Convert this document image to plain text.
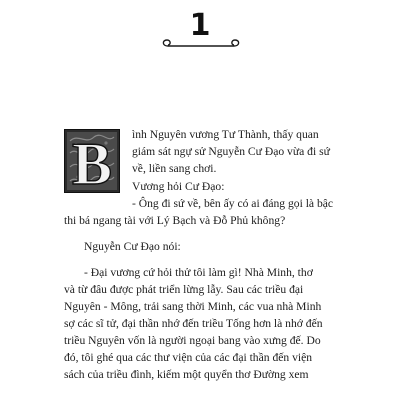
1
B ình Nguyên vương Tư Thành, thấy quan
giám sát ngự sử Nguyễn Cư Đạo vừa đi sứ
về, liền sang chơi.
Vương hỏi Cư Đạo:
- Ông đi sứ về, bên ấy có ai đáng gọi là bậc
thi bá ngang tài với Lý Bạch và Đỗ Phủ không?
Nguyễn Cư Đạo nói:
- Đại vương cứ hỏi thử tôi làm gì! Nhà Minh, thơ
và từ đâu được phát triển lừng lẫy. Sau các triều đại
Nguyên - Mông, trải sang thời Minh, các vua nhà Minh
sợ các sĩ tử, đại thần nhớ đến triều Tống hơn là nhớ đến
triều Nguyên vốn là người ngoại bang vào xưng đế. Do
đó, tôi ghé qua các thư viện của các đại thần đến viện
sách của triều đình, kiếm một quyển thơ Đường xem
